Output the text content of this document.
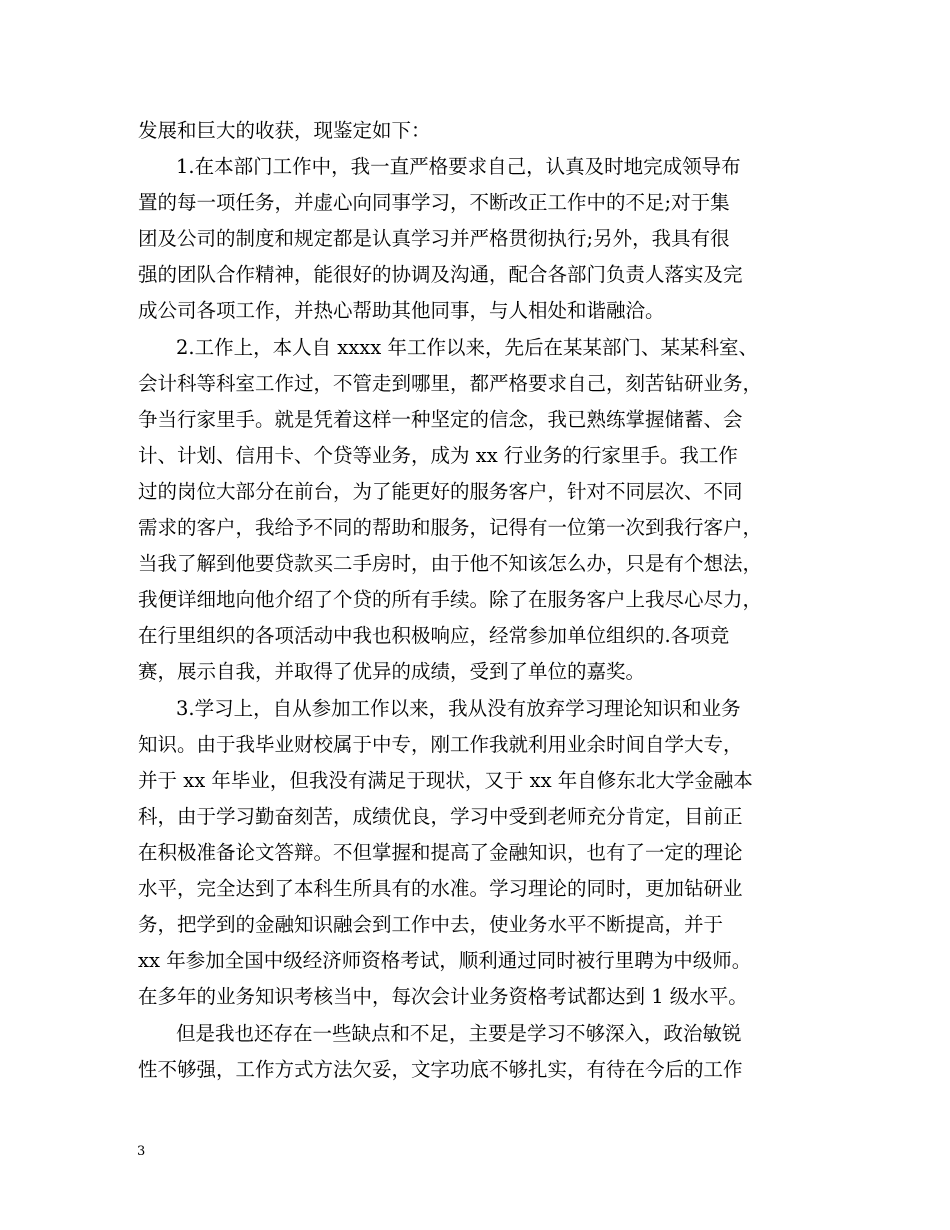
发展和巨大的收获，现鉴定如下：
1.在本部门工作中，我一直严格要求自己，认真及时地完成领导布
置的每一项任务，并虚心向同事学习，不断改正工作中的不足;对于集
团及公司的制度和规定都是认真学习并严格贯彻执行;另外，我具有很
强的团队合作精神，能很好的协调及沟通，配合各部门负责人落实及完
成公司各项工作，并热心帮助其他同事，与人相处和谐融洽。
2.工作上，本人自 xxxx 年工作以来，先后在某某部门、某某科室、
会计科等科室工作过，不管走到哪里，都严格要求自己，刻苦钻研业务，
争当行家里手。就是凭着这样一种坚定的信念，我已熟练掌握储蓄、会
计、计划、信用卡、个贷等业务，成为 xx 行业务的行家里手。我工作
过的岗位大部分在前台，为了能更好的服务客户，针对不同层次、不同
需求的客户，我给予不同的帮助和服务，记得有一位第一次到我行客户，
当我了解到他要贷款买二手房时，由于他不知该怎么办，只是有个想法，
我便详细地向他介绍了个贷的所有手续。除了在服务客户上我尽心尽力，
在行里组织的各项活动中我也积极响应，经常参加单位组织的.各项竞
赛，展示自我，并取得了优异的成绩，受到了单位的嘉奖。
3.学习上，自从参加工作以来，我从没有放弃学习理论知识和业务
知识。由于我毕业财校属于中专，刚工作我就利用业余时间自学大专，
并于 xx 年毕业，但我没有满足于现状，又于 xx 年自修东北大学金融本
科，由于学习勤奋刻苦，成绩优良，学习中受到老师充分肯定，目前正
在积极准备论文答辩。不但掌握和提高了金融知识，也有了一定的理论
水平，完全达到了本科生所具有的水准。学习理论的同时，更加钻研业
务，把学到的金融知识融会到工作中去，使业务水平不断提高，并于
xx 年参加全国中级经济师资格考试，顺利通过同时被行里聘为中级师。
在多年的业务知识考核当中，每次会计业务资格考试都达到 1 级水平。
但是我也还存在一些缺点和不足，主要是学习不够深入，政治敏锐
性不够强，工作方式方法欠妥，文字功底不够扎实，有待在今后的工作
3
